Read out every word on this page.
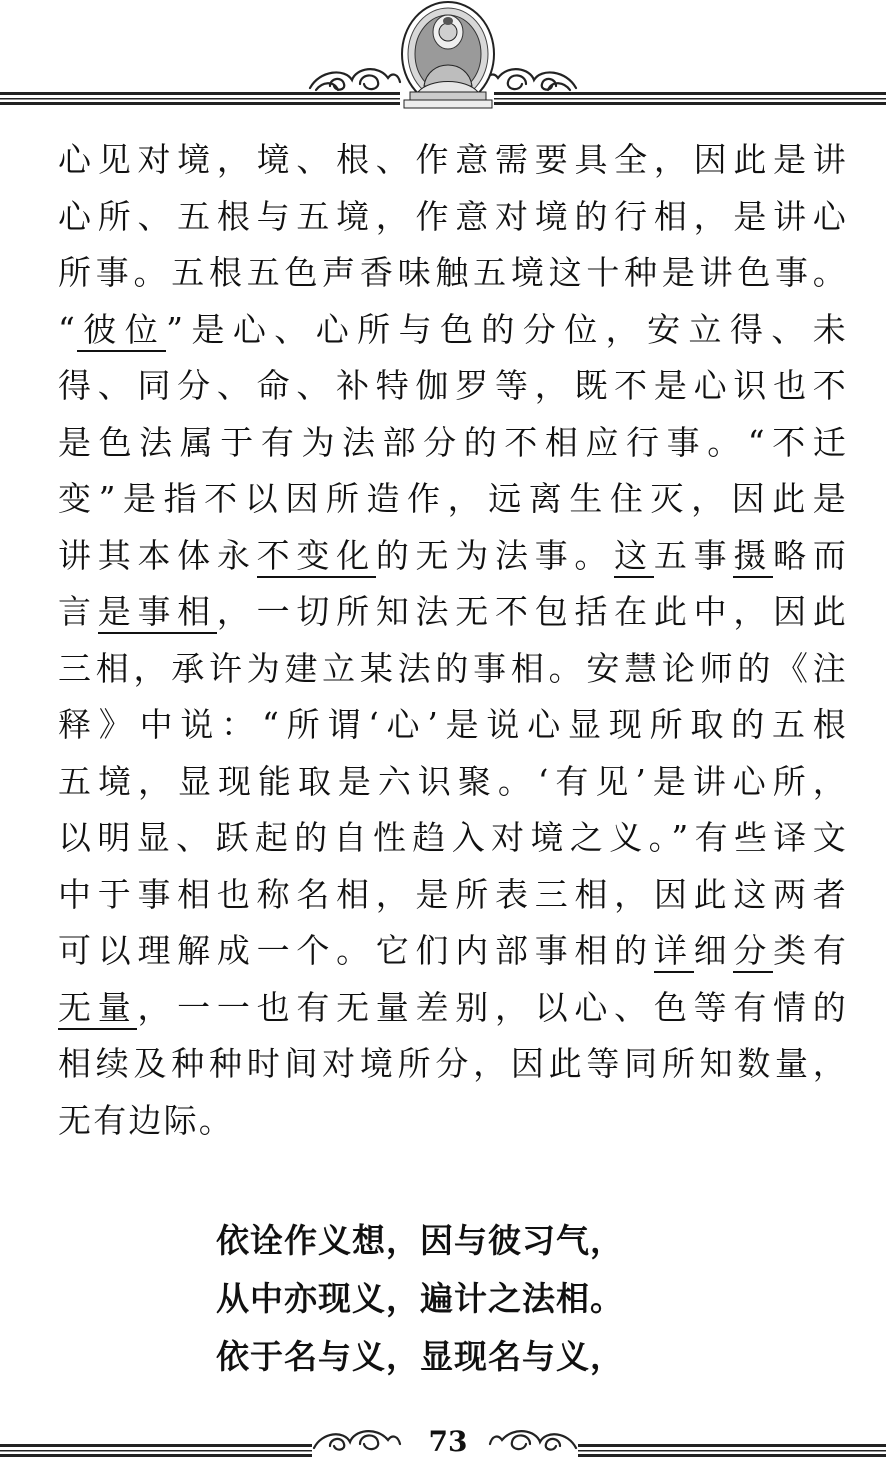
心见对境，境、根、作意需要具全，因此是讲
心所、五根与五境，作意对境的行相，是讲心
所事。五根五色声香味触五境这十种是讲色事。
“彼位”是心、心所与色的分位，安立得、未
得、同分、命、补特伽罗等，既不是心识也不
是色法属于有为法部分的不相应行事。“不迁
变”是指不以因所造作，远离生住灭，因此是
讲其本体永不变化的无为法事。这五事摄略而
言是事相，一切所知法无不包括在此中，因此
三相，承许为建立某法的事相。安慧论师的《注
释》中说：“所谓‘心’是说心显现所取的五根
五境，显现能取是六识聚。‘有见’是讲心所，
以明显、跃起的自性趋入对境之义。”有些译文
中于事相也称名相，是所表三相，因此这两者
可以理解成一个。它们内部事相的详细分类有
无量，一一也有无量差别，以心、色等有情的
相续及种种时间对境所分，因此等同所知数量，
无有边际。
依诠作义想，因与彼习气，
从中亦现义，遍计之法相。
依于名与义，显现名与义，
73
